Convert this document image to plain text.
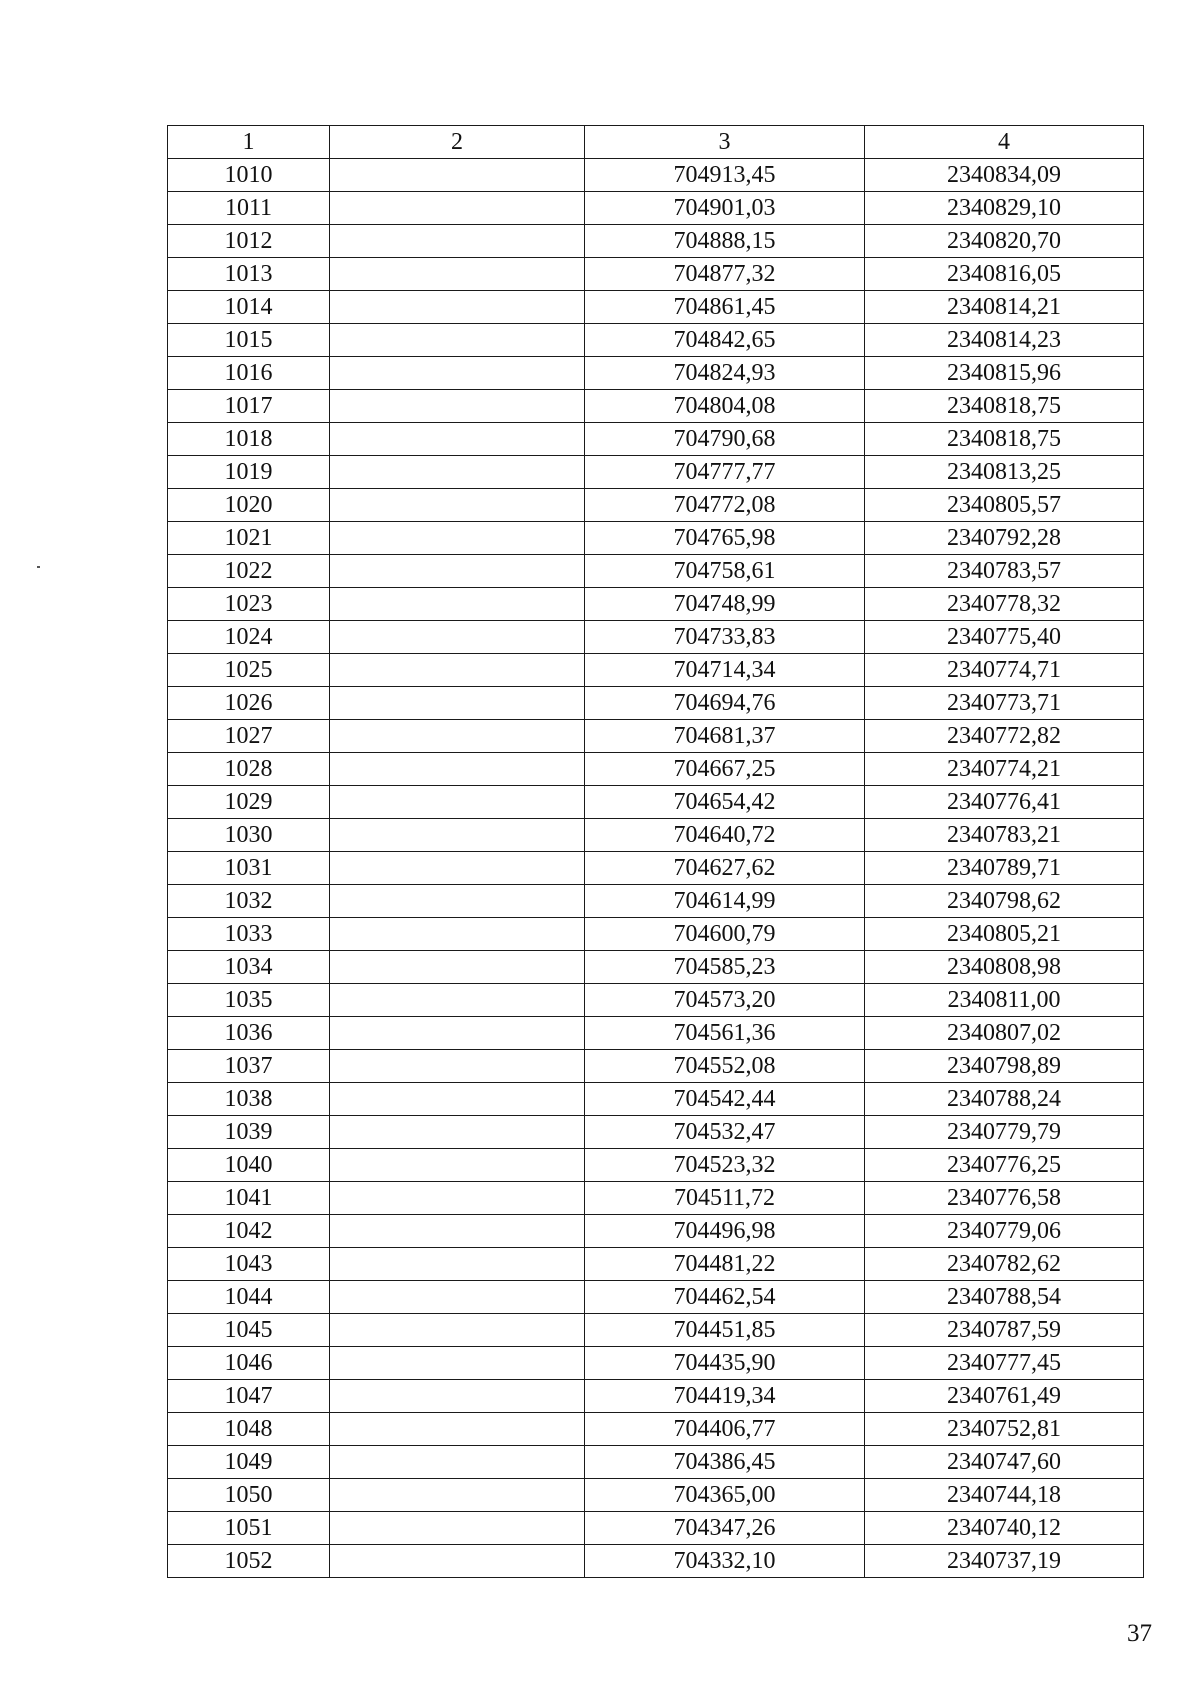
1	2	3	4
1010		704913,45	2340834,09
1011		704901,03	2340829,10
1012		704888,15	2340820,70
1013		704877,32	2340816,05
1014		704861,45	2340814,21
1015		704842,65	2340814,23
1016		704824,93	2340815,96
1017		704804,08	2340818,75
1018		704790,68	2340818,75
1019		704777,77	2340813,25
1020		704772,08	2340805,57
1021		704765,98	2340792,28
1022		704758,61	2340783,57
1023		704748,99	2340778,32
1024		704733,83	2340775,40
1025		704714,34	2340774,71
1026		704694,76	2340773,71
1027		704681,37	2340772,82
1028		704667,25	2340774,21
1029		704654,42	2340776,41
1030		704640,72	2340783,21
1031		704627,62	2340789,71
1032		704614,99	2340798,62
1033		704600,79	2340805,21
1034		704585,23	2340808,98
1035		704573,20	2340811,00
1036		704561,36	2340807,02
1037		704552,08	2340798,89
1038		704542,44	2340788,24
1039		704532,47	2340779,79
1040		704523,32	2340776,25
1041		704511,72	2340776,58
1042		704496,98	2340779,06
1043		704481,22	2340782,62
1044		704462,54	2340788,54
1045		704451,85	2340787,59
1046		704435,90	2340777,45
1047		704419,34	2340761,49
1048		704406,77	2340752,81
1049		704386,45	2340747,60
1050		704365,00	2340744,18
1051		704347,26	2340740,12
1052		704332,10	2340737,19
37
